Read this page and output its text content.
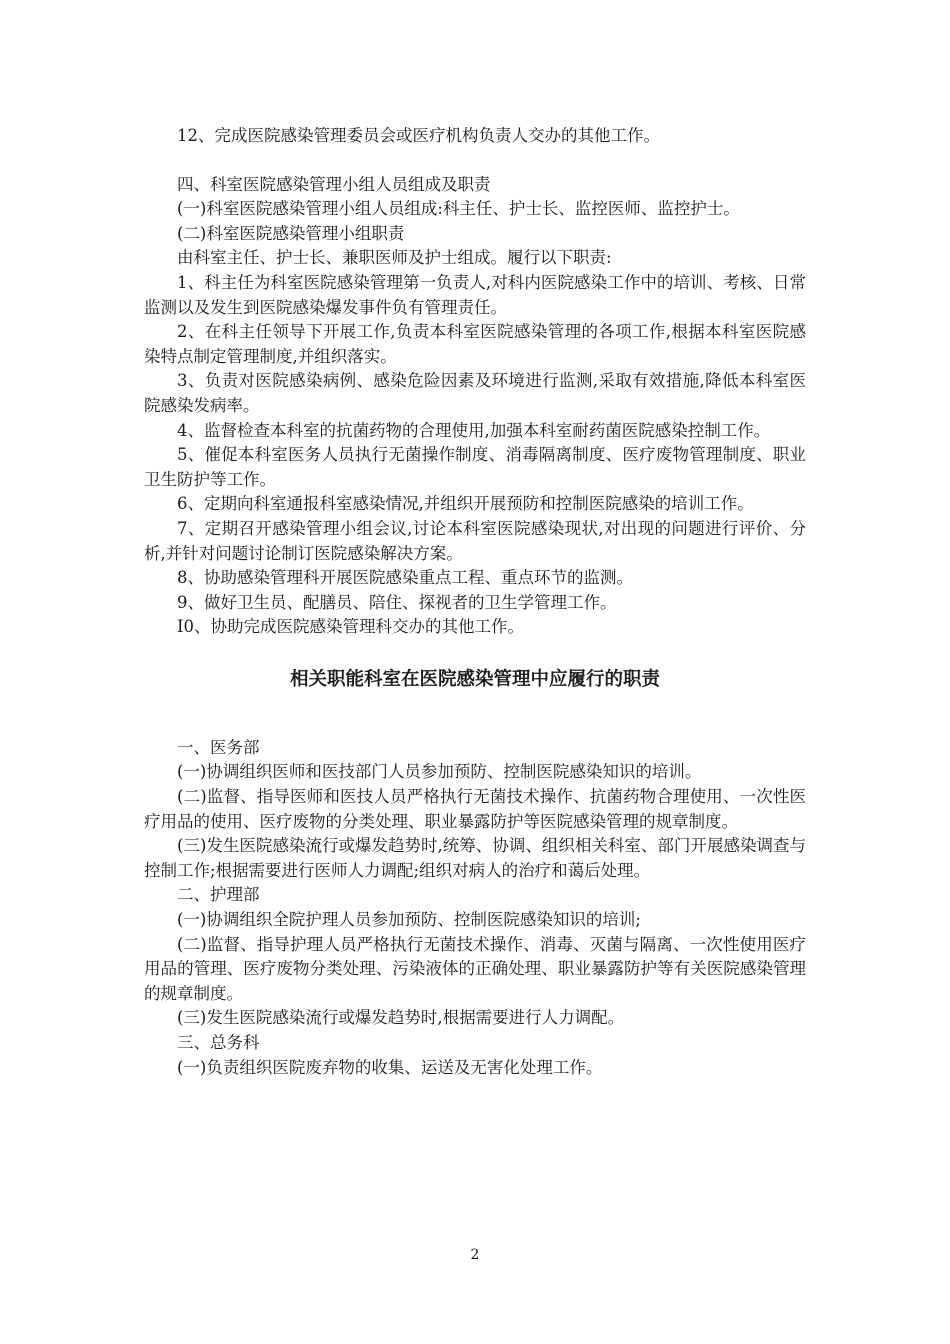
12、完成医院感染管理委员会或医疗机构负责人交办的其他工作。

四、科室医院感染管理小组人员组成及职责

(一)科室医院感染管理小组人员组成:科主任、护士长、监控医师、监控护士。

(二)科室医院感染管理小组职责

由科室主任、护士长、兼职医师及护士组成。履行以下职责:

1、科主任为科室医院感染管理第一负责人,对科内医院感染工作中的培训、考核、日常监测以及发生到医院感染爆发事件负有管理责任。

2、在科主任领导下开展工作,负责本科室医院感染管理的各项工作,根据本科室医院感染特点制定管理制度,并组织落实。

3、负责对医院感染病例、感染危险因素及环境进行监测,采取有效措施,降低本科室医院感染发病率。

4、监督检查本科室的抗菌药物的合理使用,加强本科室耐药菌医院感染控制工作。

5、催促本科室医务人员执行无菌操作制度、消毒隔离制度、医疗废物管理制度、职业卫生防护等工作。

6、定期向科室通报科室感染情况,并组织开展预防和控制医院感染的培训工作。

7、定期召开感染管理小组会议,讨论本科室医院感染现状,对出现的问题进行评价、分析,并针对问题讨论制订医院感染解决方案。

8、协助感染管理科开展医院感染重点工程、重点环节的监测。

9、做好卫生员、配膳员、陪住、探视者的卫生学管理工作。

I0、协助完成医院感染管理科交办的其他工作。

相关职能科室在医院感染管理中应履行的职责

一、医务部

(一)协调组织医师和医技部门人员参加预防、控制医院感染知识的培训。

(二)监督、指导医师和医技人员严格执行无菌技术操作、抗菌药物合理使用、一次性医疗用品的使用、医疗废物的分类处理、职业暴露防护等医院感染管理的规章制度。

(三)发生医院感染流行或爆发趋势时,统筹、协调、组织相关科室、部门开展感染调查与控制工作;根据需要进行医师人力调配;组织对病人的治疗和蔼后处理。

二、护理部

(一)协调组织全院护理人员参加预防、控制医院感染知识的培训;

(二)监督、指导护理人员严格执行无菌技术操作、消毒、灭菌与隔离、一次性使用医疗用品的管理、医疗废物分类处理、污染液体的正确处理、职业暴露防护等有关医院感染管理的规章制度。

(三)发生医院感染流行或爆发趋势时,根据需要进行人力调配。

三、总务科

(一)负责组织医院废弃物的收集、运送及无害化处理工作。

2
